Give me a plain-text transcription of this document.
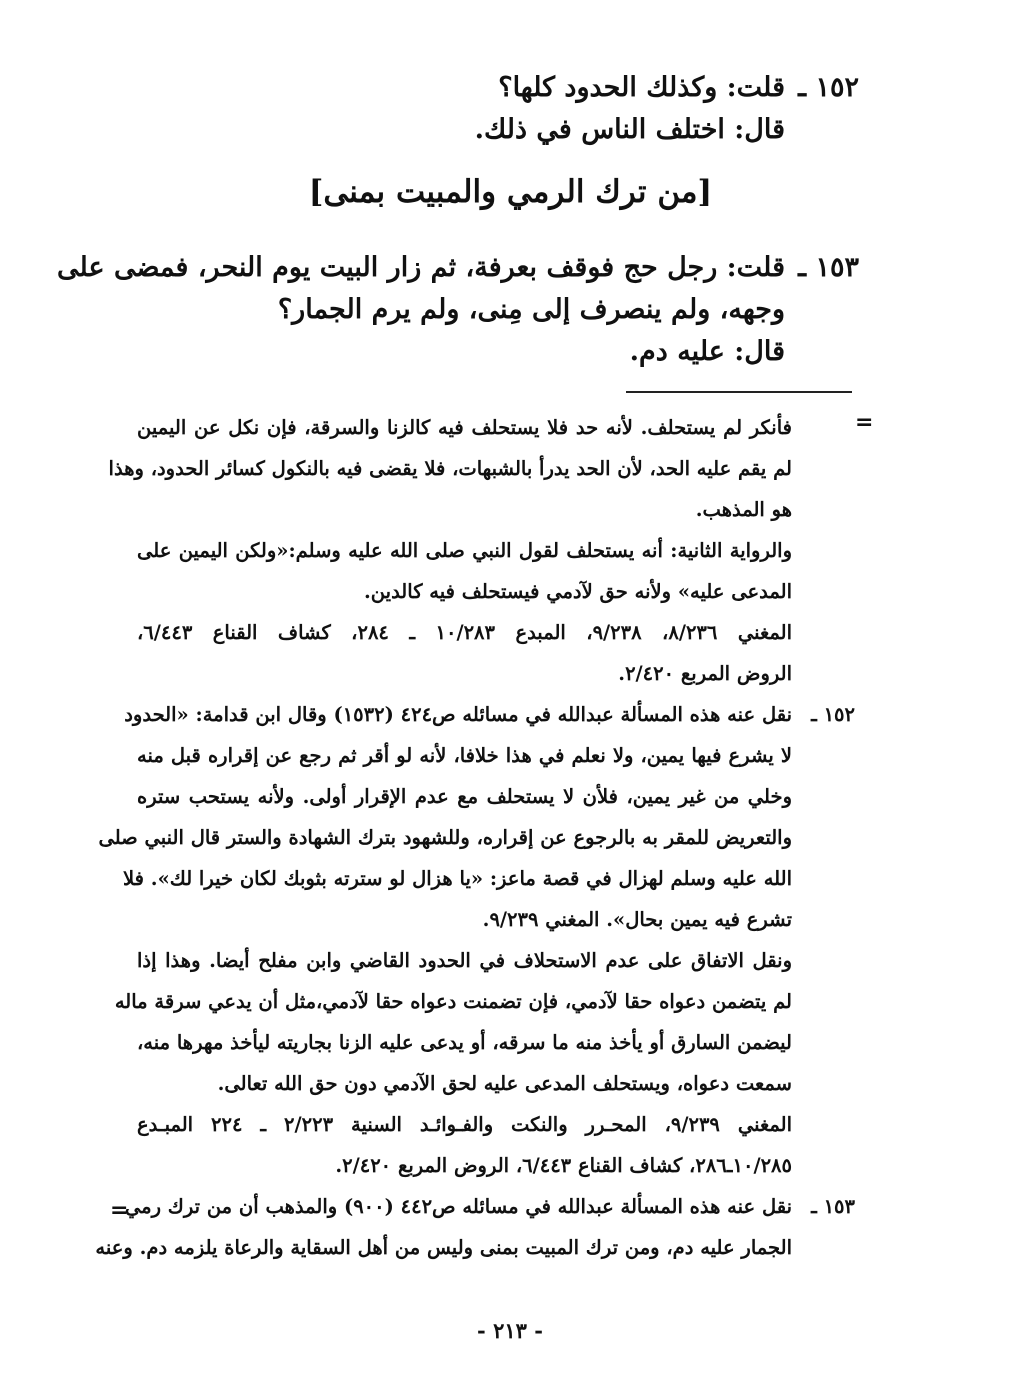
١٥٢ ـ
قلت: وكذلك الحدود كلها؟
قال: اختلف الناس في ذلك.
[من ترك الرمي والمبيت بمنى]
١٥٣ ـ
قلت: رجل حج فوقف بعرفة، ثم زار البيت يوم النحر، فمضى على
وجهه، ولم ينصرف إلى مِنى، ولم يرم الجمار؟
قال: عليه دم.
=
فأنكر لم يستحلف. لأنه حد فلا يستحلف فيه كالزنا والسرقة، فإن نكل عن اليمين
لم يقم عليه الحد، لأن الحد يدرأ بالشبهات، فلا يقضى فيه بالنكول كسائر الحدود، وهذا
هو المذهب.
والرواية الثانية: أنه يستحلف لقول النبي صلى الله عليه وسلم:«ولكن اليمين على
المدعى عليه» ولأنه حق لآدمي فيستحلف فيه كالدين.
المغني ٨/٢٣٦، ٩/٢٣٨، المبدع ١٠/٢٨٣ ـ ٢٨٤، كشاف القناع ٦/٤٤٣،
الروض المربع ٢/٤٢٠.
١٥٢ ـ
نقل عنه هذه المسألة عبدالله في مسائله ص٤٢٤ (١٥٣٢) وقال ابن قدامة: «الحدود
لا يشرع فيها يمين، ولا نعلم في هذا خلافا، لأنه لو أقر ثم رجع عن إقراره قبل منه
وخلي من غير يمين، فلأن لا يستحلف مع عدم الإقرار أولى. ولأنه يستحب ستره
والتعريض للمقر به بالرجوع عن إقراره، وللشهود بترك الشهادة والستر قال النبي صلى
الله عليه وسلم لهزال في قصة ماعز: «يا هزال لو سترته بثوبك لكان خيرا لك». فلا
تشرع فيه يمين بحال». المغني ٩/٢٣٩.
ونقل الاتفاق على عدم الاستحلاف في الحدود القاضي وابن مفلح أيضا. وهذا إذا
لم يتضمن دعواه حقا لآدمي، فإن تضمنت دعواه حقا لآدمي،مثل أن يدعي سرقة ماله
ليضمن السارق أو يأخذ منه ما سرقه، أو يدعى عليه الزنا بجاريته ليأخذ مهرها منه،
سمعت دعواه، ويستحلف المدعى عليه لحق الآدمي دون حق الله تعالى.
المغني ٩/٢٣٩، المحـرر والنكت والفـوائـد السنية ٢/٢٢٣ ـ ٢٢٤ المبـدع
١٠/٢٨٥ـ٢٨٦، كشاف القناع ٦/٤٤٣، الروض المربع ٢/٤٢٠.
١٥٣ ـ
نقل عنه هذه المسألة عبدالله في مسائله ص٤٤٢ (٩٠٠) والمذهب أن من ترك رمي
الجمار عليه دم، ومن ترك المبيت بمنى وليس من أهل السقاية والرعاة يلزمه دم. وعنه
=
- ٢١٣ -
